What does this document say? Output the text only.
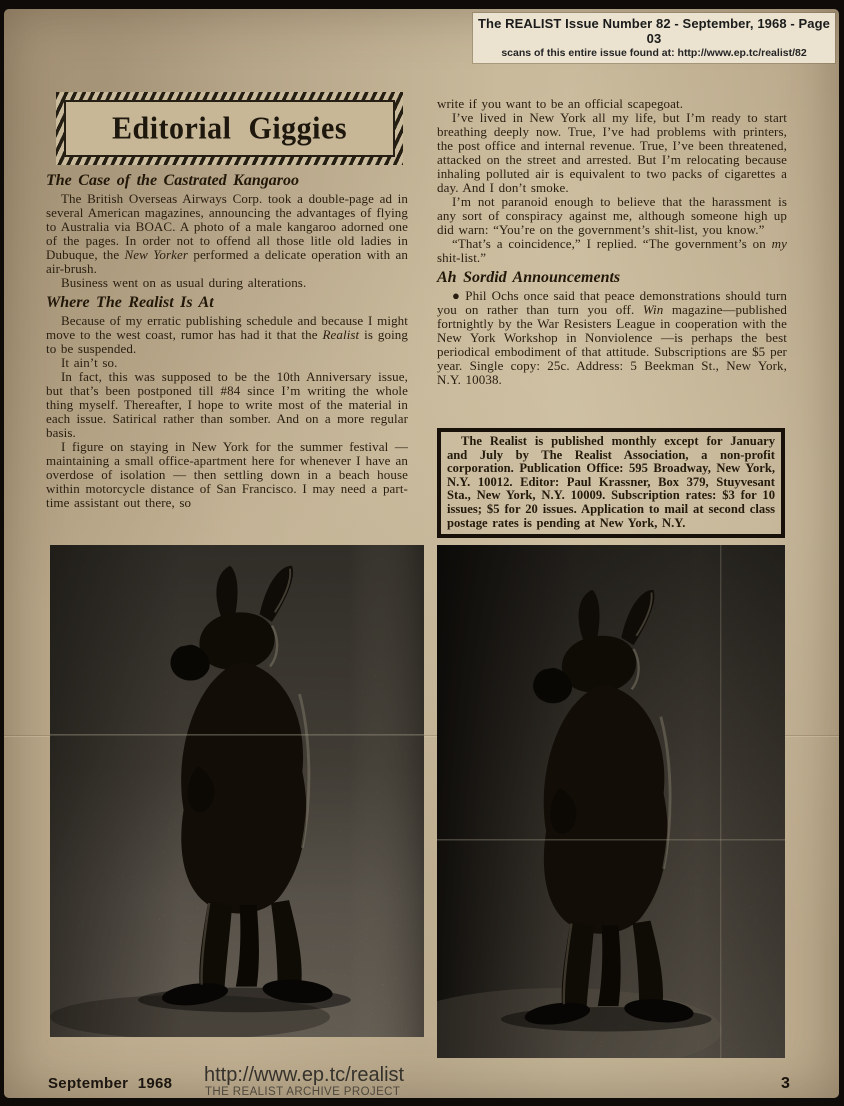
The REALIST Issue Number 82 - September, 1968 - Page 03
scans of this entire issue found at: http://www.ep.tc/realist/82
Editorial Giggies
The Case of the Castrated Kangaroo

The British Overseas Airways Corp. took a double-page ad in several American magazines, announcing the advantages of flying to Australia via BOAC. A photo of a male kangaroo adorned one of the pages. In order not to offend all those litle old ladies in Dubuque, the New Yorker performed a delicate operation with an air-brush.

Business went on as usual during alterations.

Where The Realist Is At

Because of my erratic publishing schedule and because I might move to the west coast, rumor has had it that the Realist is going to be suspended.

It ain’t so.

In fact, this was supposed to be the 10th Anniversary issue, but that’s been postponed till #84 since I’m writing the whole thing myself. Thereafter, I hope to write most of the material in each issue. Satirical rather than somber. And on a more regular basis.

I figure on staying in New York for the summer festival — maintaining a small office-apartment here for whenever I have an overdose of isolation — then settling down in a beach house within motorcycle distance of San Francisco. I may need a part-time assistant out there, so

write if you want to be an official scapegoat.

I’ve lived in New York all my life, but I’m ready to start breathing deeply now. True, I’ve had problems with printers, the post office and internal revenue. True, I’ve been threatened, attacked on the street and arrested. But I’m relocating because inhaling polluted air is equivalent to two packs of cigarettes a day. And I don’t smoke.

I’m not paranoid enough to believe that the harassment is any sort of conspiracy against me, although someone high up did warn: “You’re on the government’s shit-list, you know.”

“That’s a coincidence,” I replied. “The government’s on my shit-list.”

Ah Sordid Announcements

● Phil Ochs once said that peace demonstrations should turn you on rather than turn you off. Win magazine—published fortnightly by the War Resisters League in cooperation with the New York Workshop in Nonviolence —is perhaps the best periodical embodiment of that attitude. Subscriptions are $5 per year. Single copy: 25c. Address: 5 Beekman St., New York, N.Y. 10038.

The Realist is published monthly except for January and July by The Realist Association, a non-profit corporation. Publication Office: 595 Broadway, New York, N.Y. 10012. Editor: Paul Krassner, Box 379, Stuyvesant Sta., New York, N.Y. 10009. Subscription rates: $3 for 10 issues; $5 for 20 issues. Application to mail at second class postage rates is pending at New York, N.Y.

September 1968 http://www.ep.tc/realist
THE REALIST ARCHIVE PROJECT	3
